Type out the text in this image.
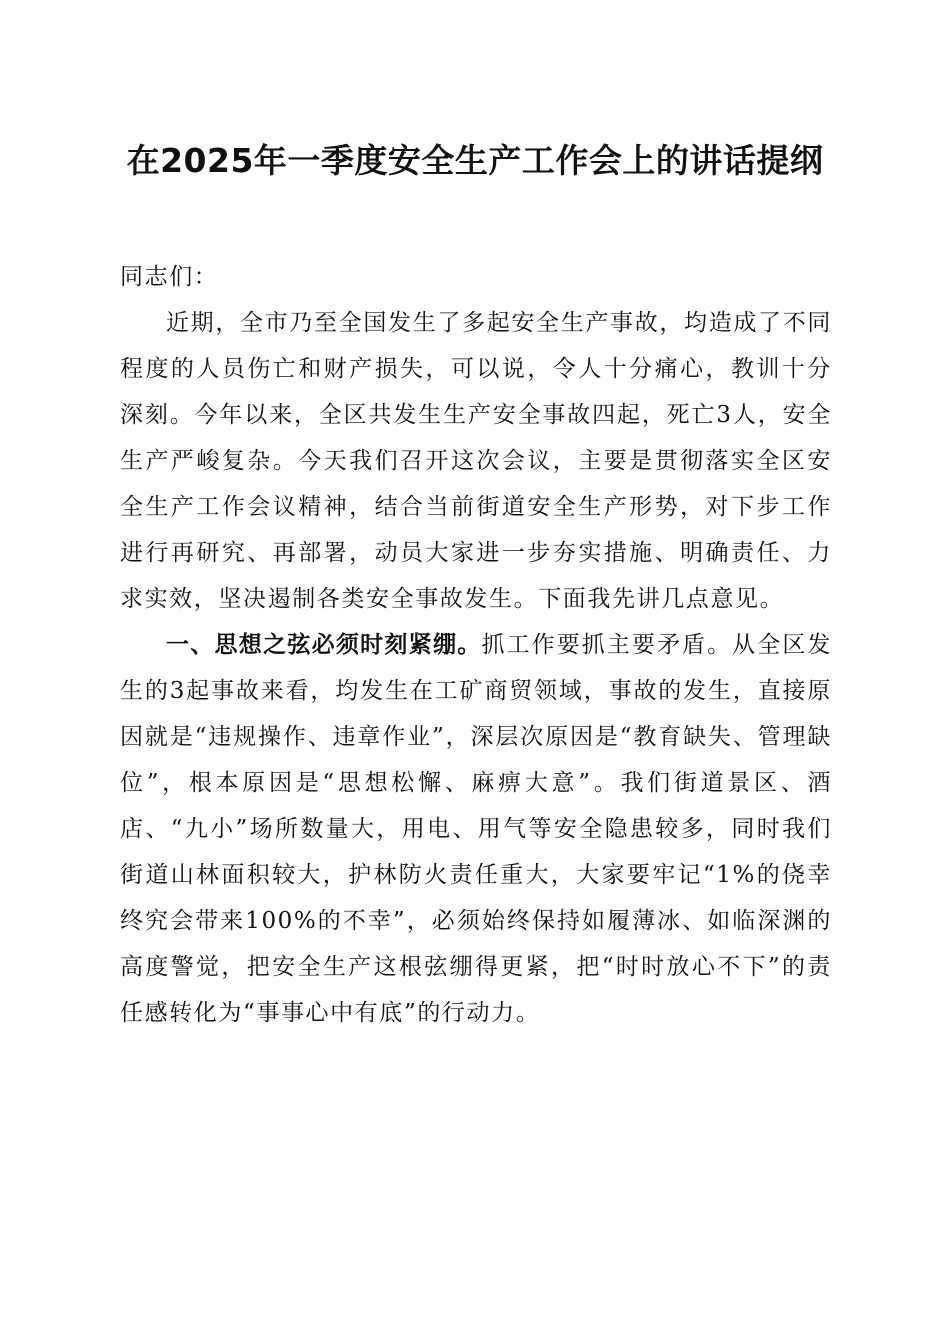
在2025年一季度安全生产工作会上的讲话提纲

同志们：

近期，全市乃至全国发生了多起安全生产事故，均造成了不同程度的人员伤亡和财产损失，可以说，令人十分痛心，教训十分深刻。今年以来，全区共发生生产安全事故四起，死亡3人，安全生产严峻复杂。今天我们召开这次会议，主要是贯彻落实全区安全生产工作会议精神，结合当前街道安全生产形势，对下步工作进行再研究、再部署，动员大家进一步夯实措施、明确责任、力求实效，坚决遏制各类安全事故发生。下面我先讲几点意见。

一、思想之弦必须时刻紧绷。抓工作要抓主要矛盾。从全区发生的3起事故来看，均发生在工矿商贸领域，事故的发生，直接原因就是“违规操作、违章作业”，深层次原因是“教育缺失、管理缺位”，根本原因是“思想松懈、麻痹大意”。我们街道景区、酒店、“九小”场所数量大，用电、用气等安全隐患较多，同时我们街道山林面积较大，护林防火责任重大，大家要牢记“1%的侥幸终究会带来100%的不幸”，必须始终保持如履薄冰、如临深渊的高度警觉，把安全生产这根弦绷得更紧，把“时时放心不下”的责任感转化为“事事心中有底”的行动力。
